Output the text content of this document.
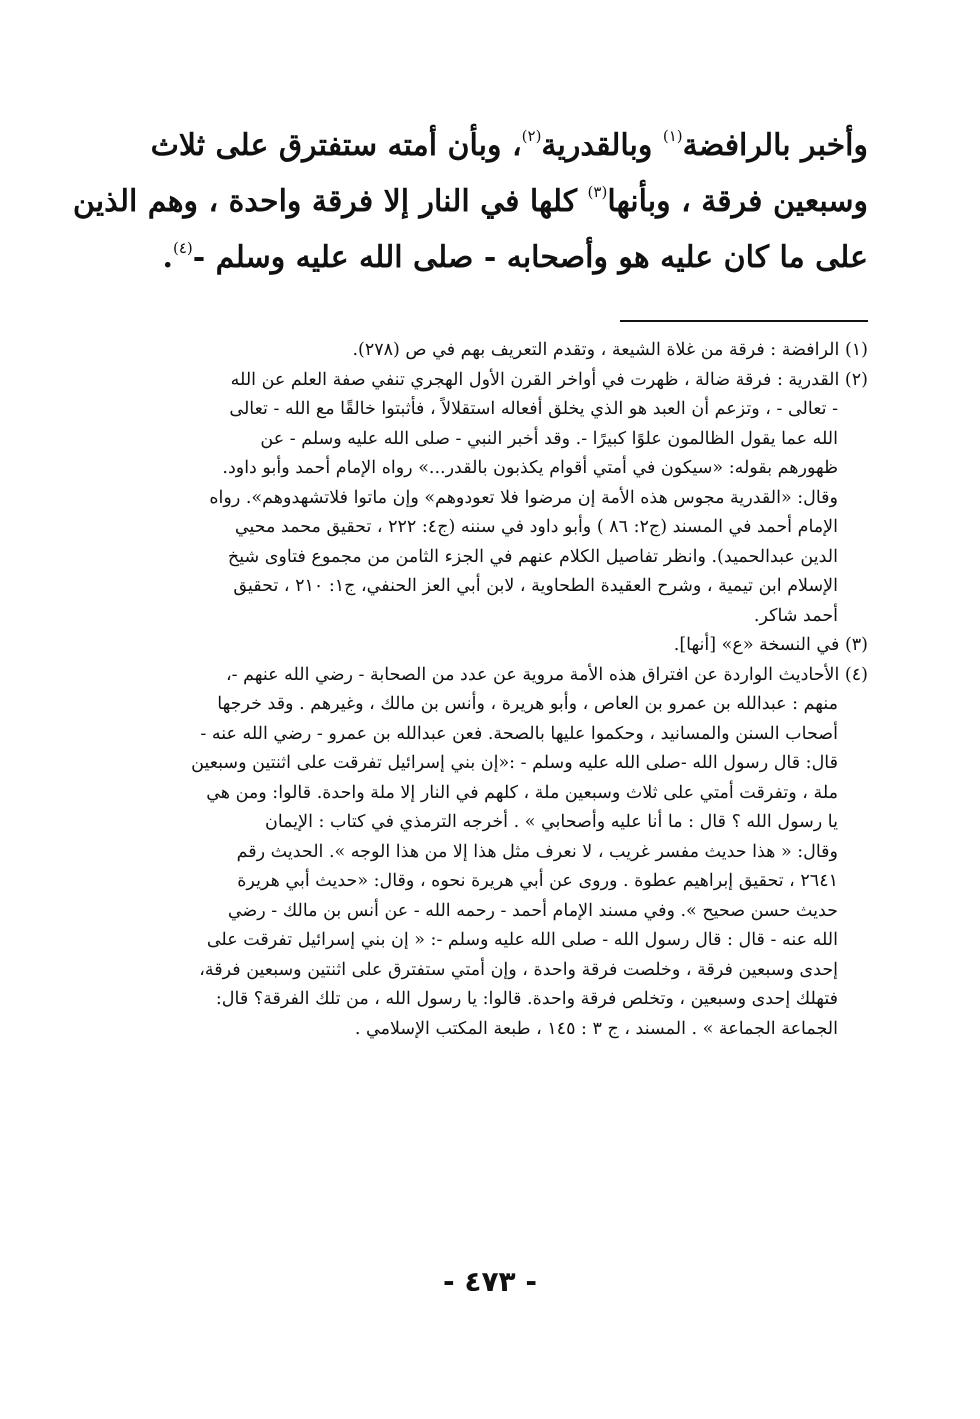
وأخبر بالرافضة$^{(١)}$ وبالقدرية$^{(٢)}$، وبأن أمته ستفترق على ثلاث
وسبعين فرقة ، وبأنها$^{(٣)}$ كلها في النار إلا فرقة واحدة ، وهم الذين
على ما كان عليه هو وأصحابه - صلى الله عليه وسلم -$^{(٤)}$.
(١) الرافضة : فرقة من غلاة الشيعة ، وتقدم التعريف بهم في ص (٢٧٨).
(٢) القدرية : فرقة ضالة ، ظهرت في أواخر القرن الأول الهجري تنفي صفة العلم عن الله
- تعالى - ، وتزعم أن العبد هو الذي يخلق أفعاله استقلالاً ، فأثبتوا خالقًا مع الله - تعالى
الله عما يقول الظالمون علوًا كبيرًا -. وقد أخبر النبي - صلى الله عليه وسلم - عن
ظهورهم بقوله: «سيكون في أمتي أقوام يكذبون بالقدر...» رواه الإمام أحمد وأبو داود.
وقال: «القدرية مجوس هذه الأمة إن مرضوا فلا تعودوهم» وإن ماتوا فلاتشهدوهم». رواه
الإمام أحمد في المسند (ج٢: ٨٦ ) وأبو داود في سننه (ج٤: ٢٢٢ ، تحقيق محمد محيي
الدين عبدالحميد). وانظر تفاصيل الكلام عنهم في الجزء الثامن من مجموع فتاوى شيخ
الإسلام ابن تيمية ، وشرح العقيدة الطحاوية ، لابن أبي العز الحنفي، ج١: ٢١٠ ، تحقيق
أحمد شاكر.
(٣) في النسخة «ع» [أنها].
(٤) الأحاديث الواردة عن افتراق هذه الأمة مروية عن عدد من الصحابة - رضي الله عنهم -،
منهم : عبدالله بن عمرو بن العاص ، وأبو هريرة ، وأنس بن مالك ، وغيرهم . وقد خرجها
أصحاب السنن والمسانيد ، وحكموا عليها بالصحة. فعن عبدالله بن عمرو - رضي الله عنه -
قال: قال رسول الله -صلى الله عليه وسلم - :«إن بني إسرائيل تفرقت على اثنتين وسبعين
ملة ، وتفرقت أمتي على ثلاث وسبعين ملة ، كلهم في النار إلا ملة واحدة. قالوا: ومن هي
يا رسول الله ؟ قال : ما أنا عليه وأصحابي » . أخرجه الترمذي في كتاب : الإيمان
وقال: « هذا حديث مفسر غريب ، لا نعرف مثل هذا إلا من هذا الوجه ». الحديث رقم
٢٦٤١ ، تحقيق إبراهيم عطوة . وروى عن أبي هريرة نحوه ، وقال: «حديث أبي هريرة
حديث حسن صحيح ». وفي مسند الإمام أحمد - رحمه الله - عن أنس بن مالك - رضي
الله عنه - قال : قال رسول الله - صلى الله عليه وسلم -: « إن بني إسرائيل تفرقت على
إحدى وسبعين فرقة ، وخلصت فرقة واحدة ، وإن أمتي ستفترق على اثنتين وسبعين فرقة،
فتهلك إحدى وسبعين ، وتخلص فرقة واحدة. قالوا: يا رسول الله ، من تلك الفرقة؟ قال:
الجماعة الجماعة » . المسند ، ج ٣ : ١٤٥ ، طبعة المكتب الإسلامي .
- ٤٧٣ -
